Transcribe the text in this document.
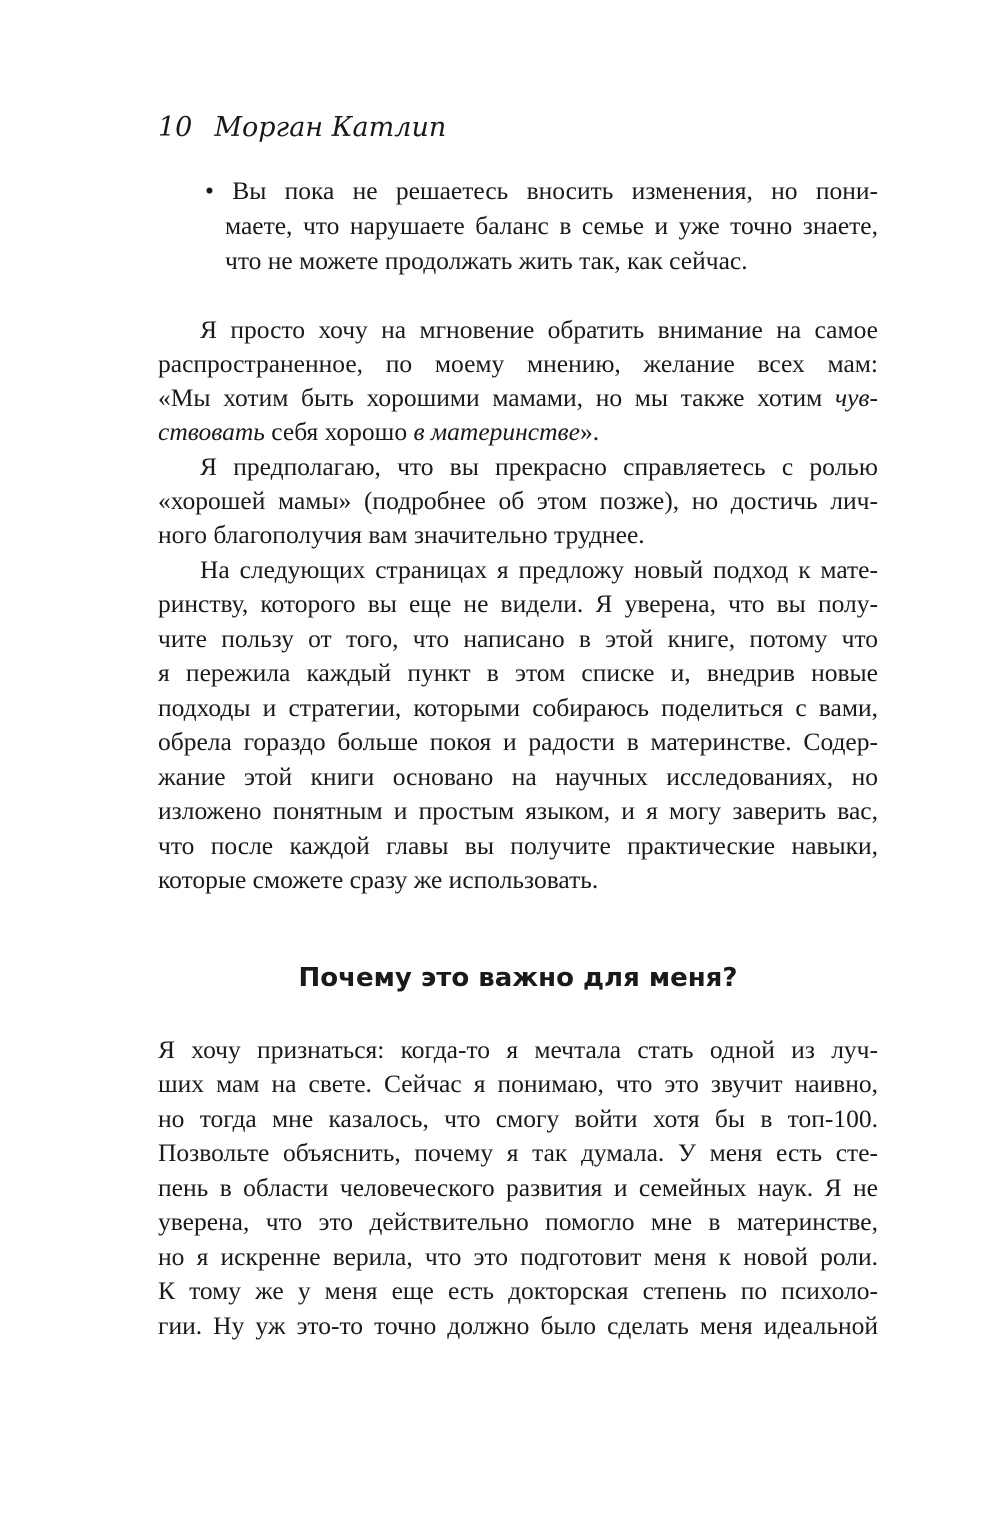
10 Морган Катлип
• Вы пока не решаетесь вносить изменения, но пони-
маете, что нарушаете баланс в семье и уже точно знаете,
что не можете продолжать жить так, как сейчас.
Я просто хочу на мгновение обратить внимание на самое
распространенное, по моему мнению, желание всех мам:
«Мы хотим быть хорошими мамами, но мы также хотим чув-
ствовать себя хорошо в материнстве».
Я предполагаю, что вы прекрасно справляетесь с ролью
«хорошей мамы» (подробнее об этом позже), но достичь лич-
ного благополучия вам значительно труднее.
На следующих страницах я предложу новый подход к мате-
ринству, которого вы еще не видели. Я уверена, что вы полу-
чите пользу от того, что написано в этой книге, потому что
я пережила каждый пункт в этом списке и, внедрив новые
подходы и стратегии, которыми собираюсь поделиться с вами,
обрела гораздо больше покоя и радости в материнстве. Содер-
жание этой книги основано на научных исследованиях, но
изложено понятным и простым языком, и я могу заверить вас,
что после каждой главы вы получите практические навыки,
которые сможете сразу же использовать.
Почему это важно для меня?
Я хочу признаться: когда-то я мечтала стать одной из луч-
ших мам на свете. Сейчас я понимаю, что это звучит наивно,
но тогда мне казалось, что смогу войти хотя бы в топ-100.
Позвольте объяснить, почему я так думала. У меня есть сте-
пень в области человеческого развития и семейных наук. Я не
уверена, что это действительно помогло мне в материнстве,
но я искренне верила, что это подготовит меня к новой роли.
К тому же у меня еще есть докторская степень по психоло-
гии. Ну уж это-то точно должно было сделать меня идеальной
